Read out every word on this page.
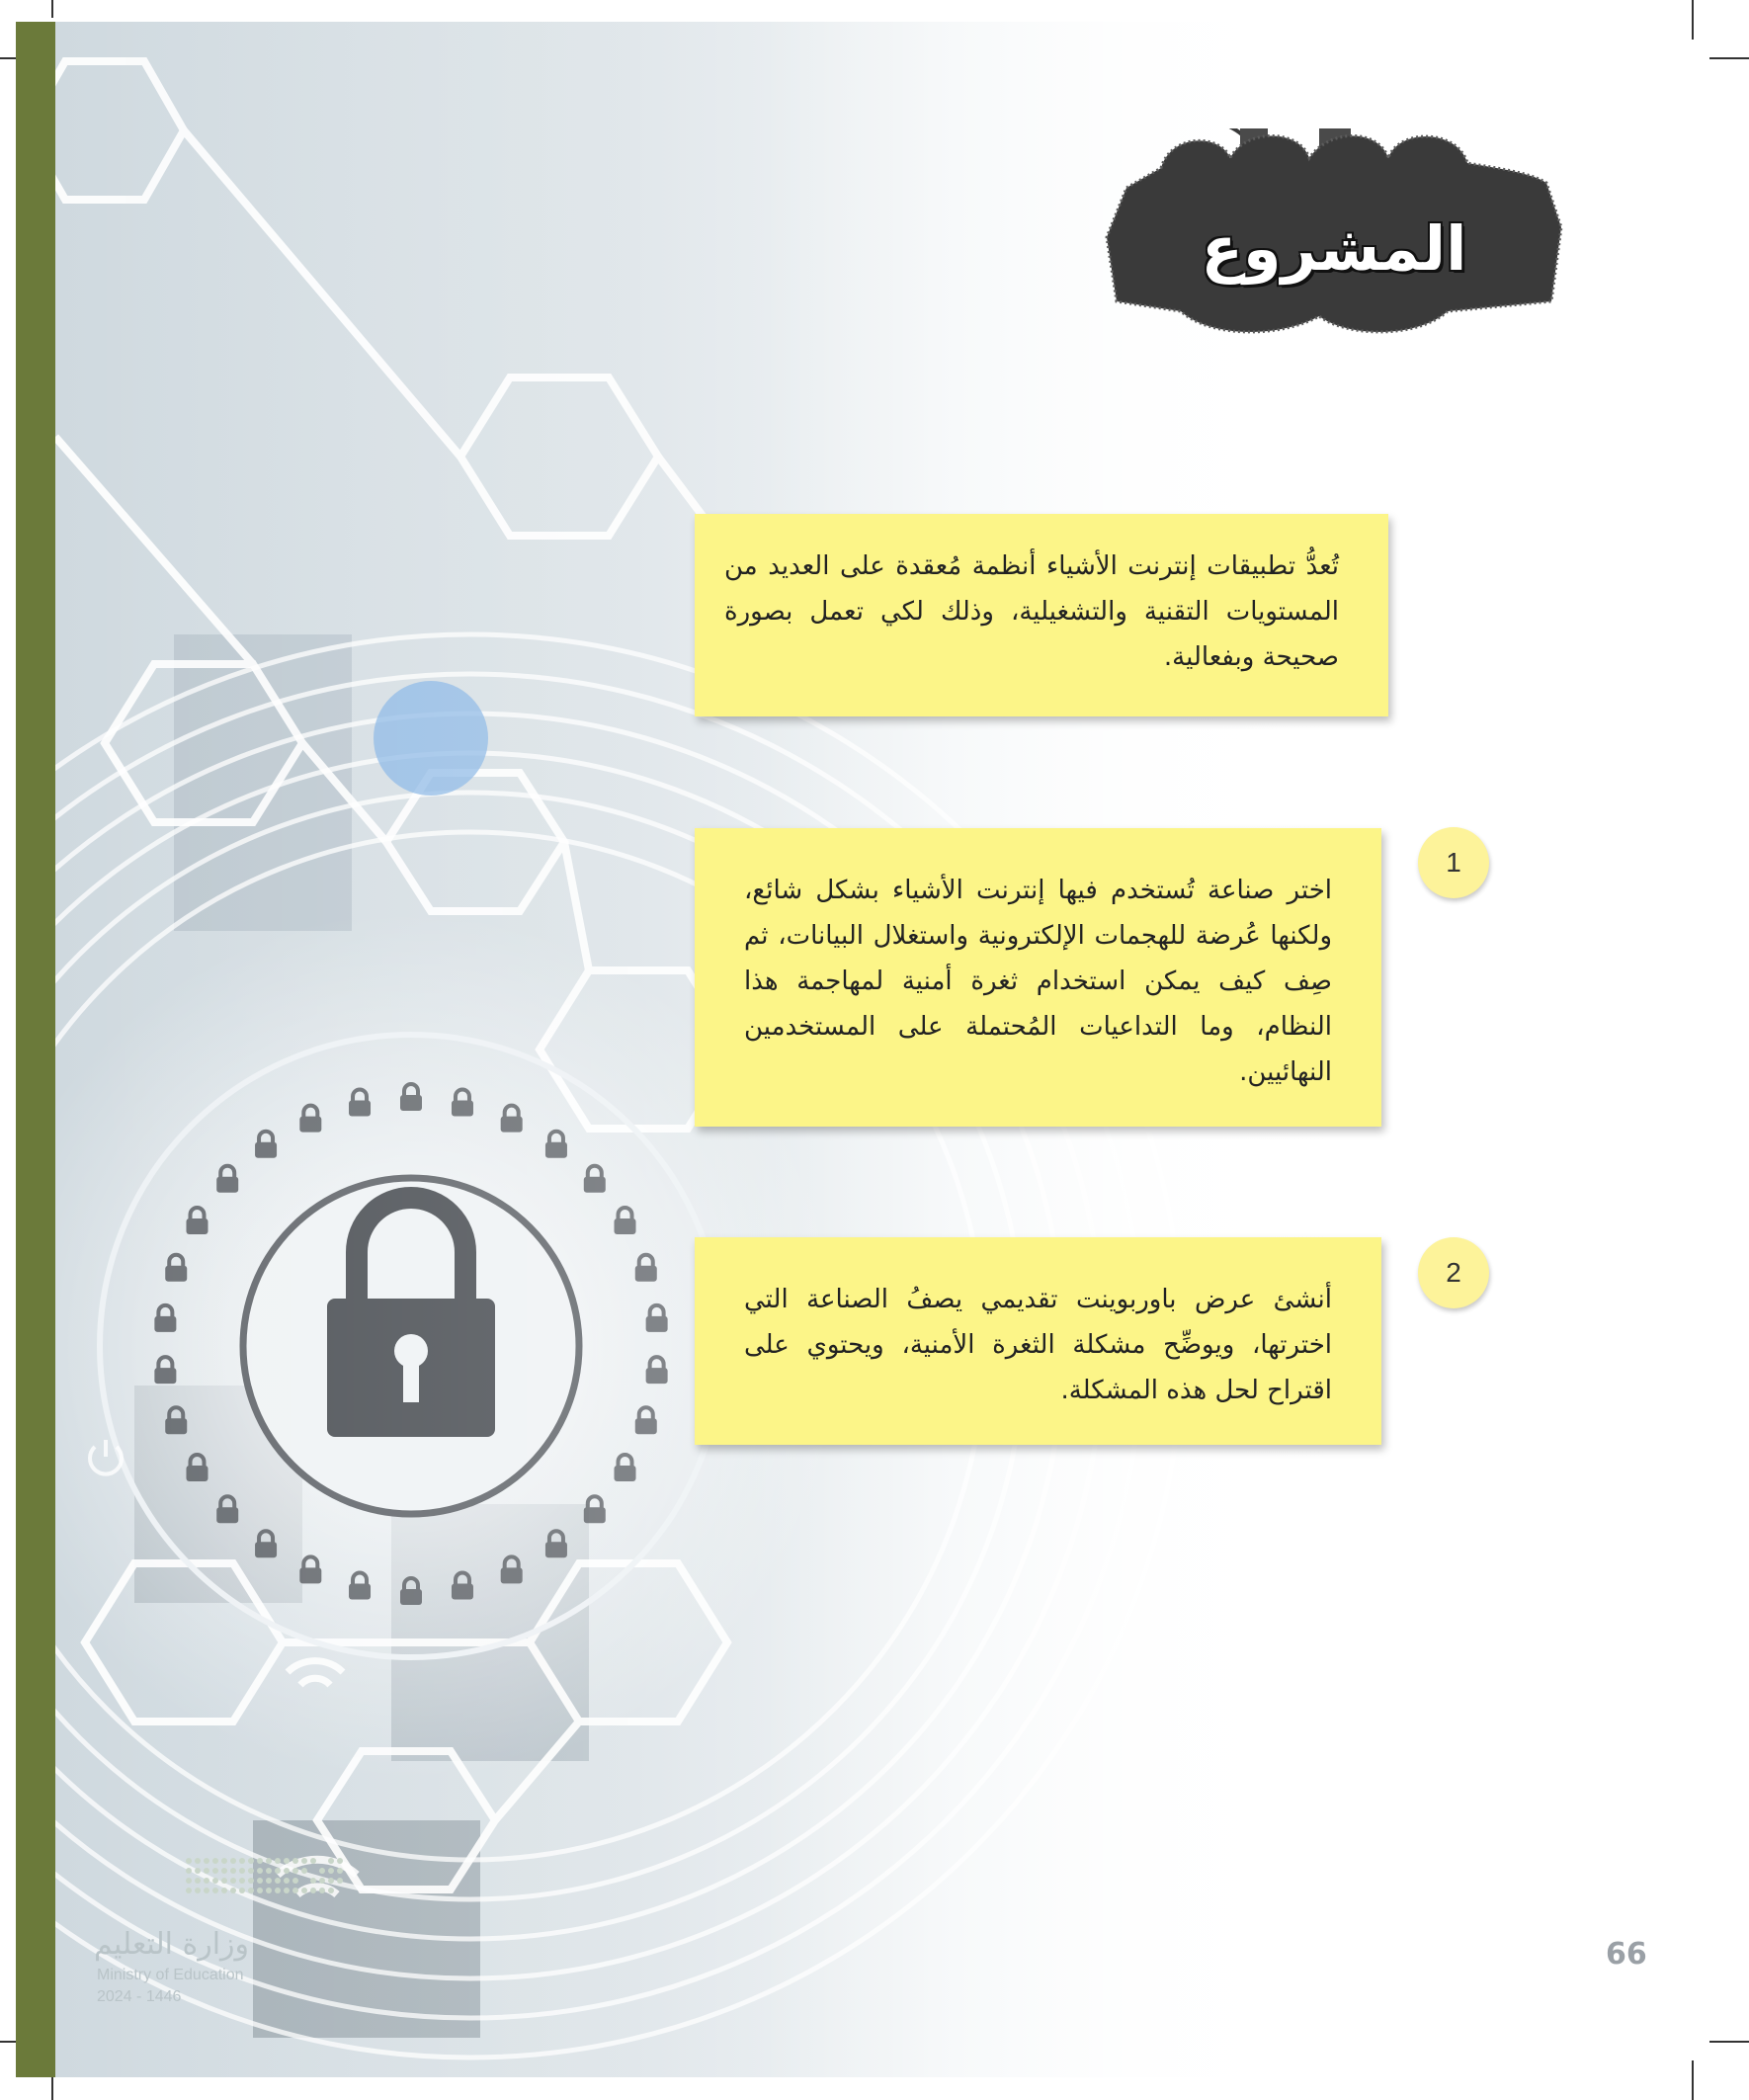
المشروع

تُعدُّ تطبيقات إنترنت الأشياء أنظمة مُعقدة على العديد من المستويات التقنية والتشغيلية، وذلك لكي تعمل بصورة صحيحة وبفعالية.

1

اختر صناعة تُستخدم فيها إنترنت الأشياء بشكل شائع، ولكنها عُرضة للهجمات الإلكترونية واستغلال البيانات، ثم صِف كيف يمكن استخدام ثغرة أمنية لمهاجمة هذا النظام، وما التداعيات المُحتملة على المستخدمين النهائيين.

2

أنشئ عرض باوربوينت تقديمي يصفُ الصناعة التي اخترتها، ويوضِّح مشكلة الثغرة الأمنية، ويحتوي على اقتراح لحل هذه المشكلة.

وزارة التعليم
Ministry of Education
2024 - 1446
66
